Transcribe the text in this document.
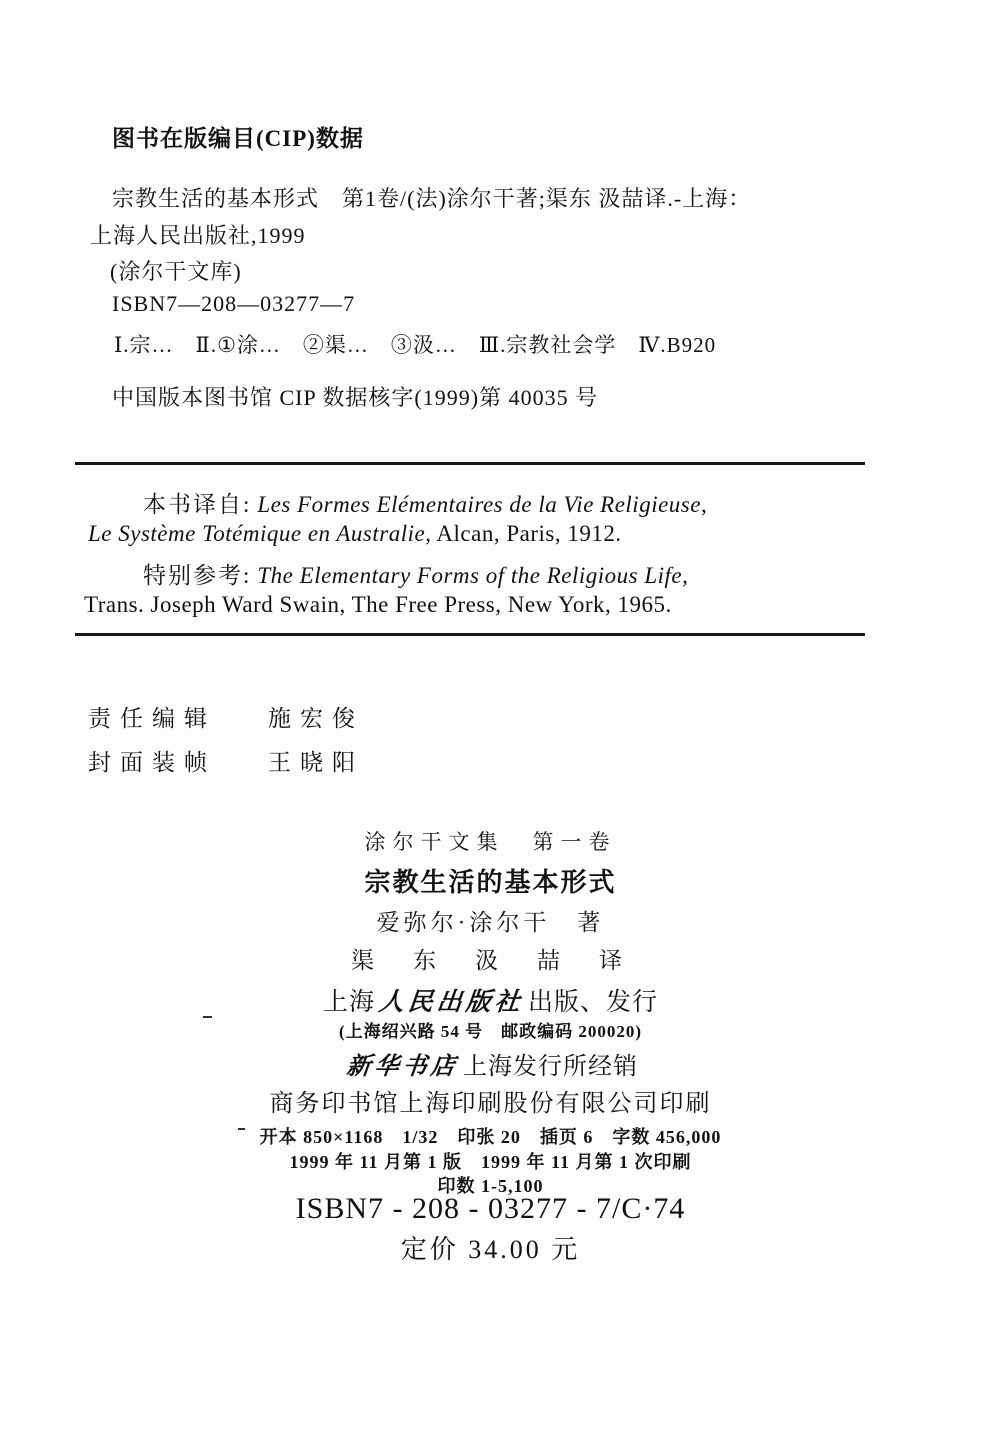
图书在版编目(CIP)数据
宗教生活的基本形式　第1卷/(法)涂尔干著;渠东 汲喆译.-上海：
上海人民出版社,1999
(涂尔干文库)
ISBN7—208—03277—7
Ⅰ.宗…　Ⅱ.①涂…　②渠…　③汲…　Ⅲ.宗教社会学　Ⅳ.B920
中国版本图书馆 CIP 数据核字(1999)第 40035 号
本书译自: Les Formes Elémentaires de la Vie Religieuse,
Le Système Totémique en Australie, Alcan, Paris, 1912.
特别参考: The Elementary Forms of the Religious Life,
Trans. Joseph Ward Swain, The Free Press, New York, 1965.
责任编辑 施宏俊
封面装帧 王晓阳
涂尔干文集　第一卷
宗教生活的基本形式
爱弥尔·涂尔干　著
渠　东　汲　喆　译
上海人民出版社 出版、发行
(上海绍兴路 54 号　邮政编码 200020)
新华书店 上海发行所经销
商务印书馆上海印刷股份有限公司印刷
开本 850×1168　1/32　印张 20　插页 6　字数 456,000
1999 年 11 月第 1 版　1999 年 11 月第 1 次印刷
印数 1-5,100
ISBN7 - 208 - 03277 - 7/C·74
定价 34.00 元
